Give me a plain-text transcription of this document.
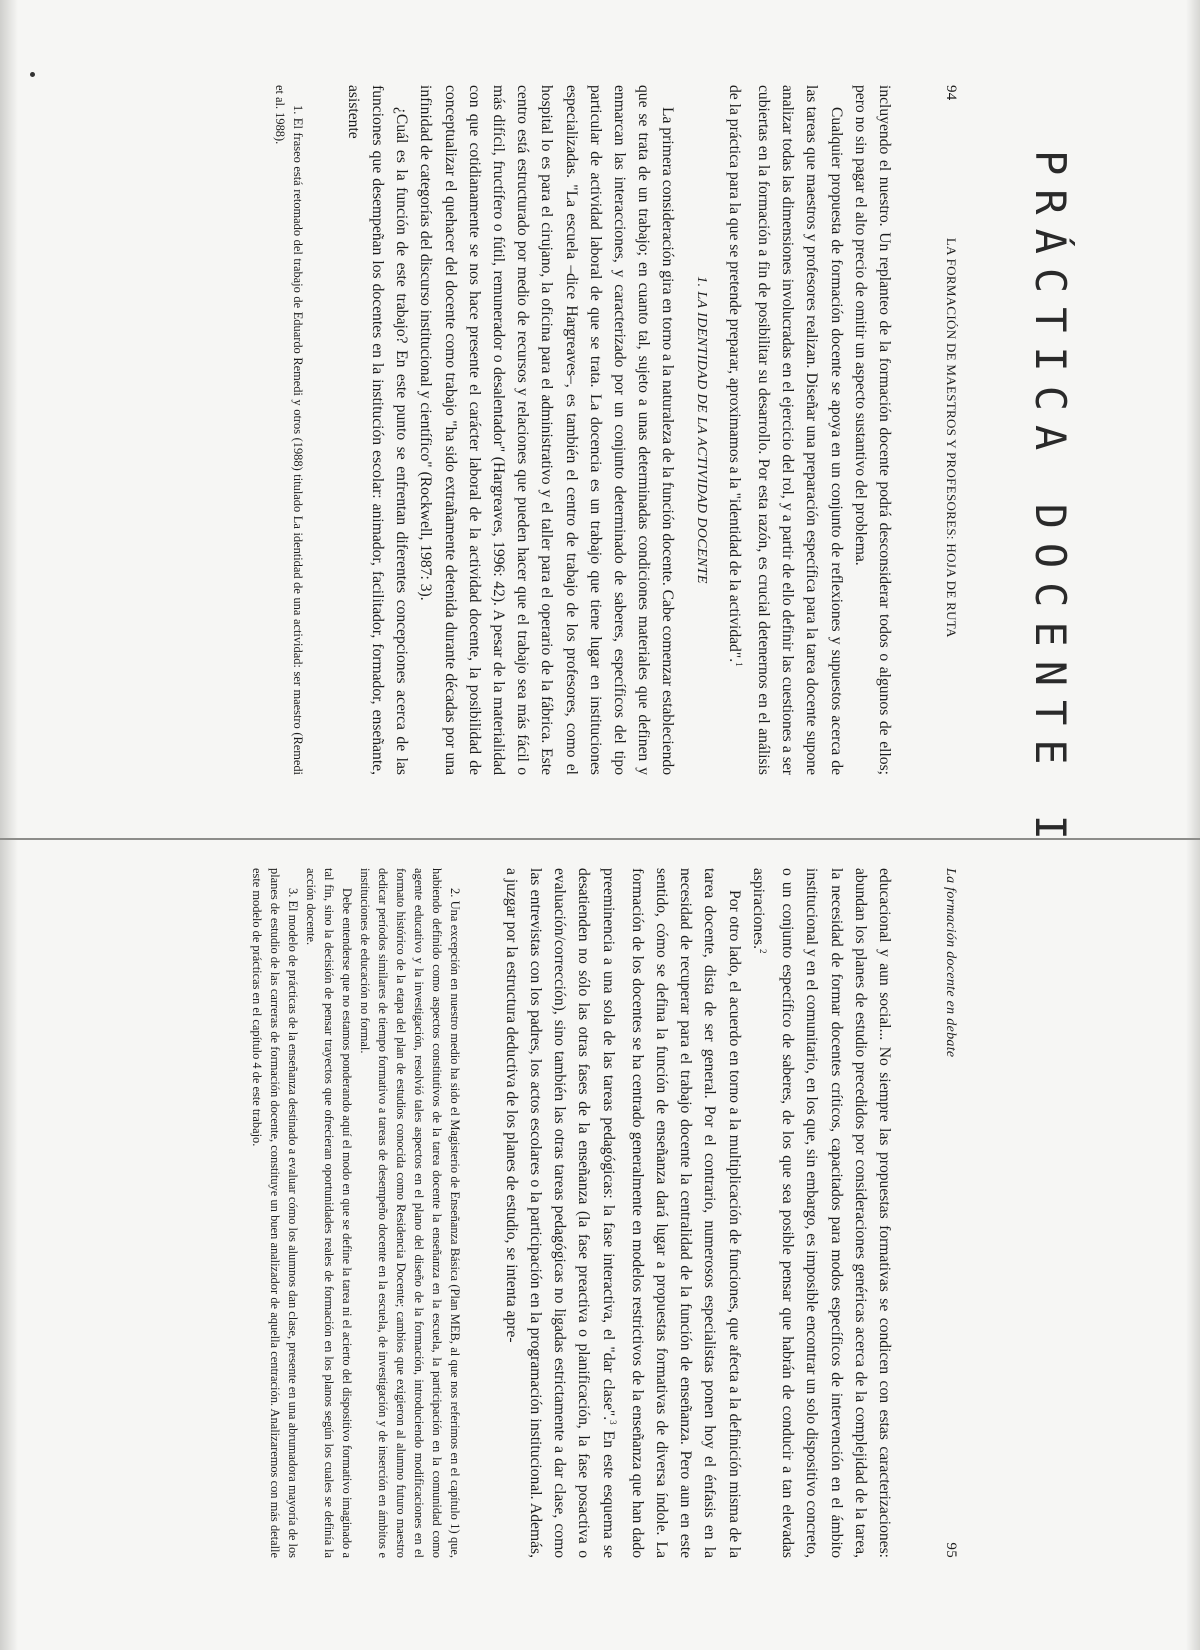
PRÁCTICA DOCENTEI
94
LA FORMACIÓN DE MAESTROS Y PROFESORES: HOJA DE RUTA

incluyendo el nuestro. Un replanteo de la formación docente podrá desconsiderar todos o algunos de ellos; pero no sin pagar el alto precio de omitir un aspecto sustantivo del problema.

Cualquier propuesta de formación docente se apoya en un conjunto de reflexiones y supuestos acerca de las tareas que maestros y profesores realizan. Diseñar una preparación específica para la tarea docente supone analizar todas las dimensiones involucradas en el ejercicio del rol, y a partir de ello definir las cuestiones a ser cubiertas en la formación a fin de posibilitar su desarrollo. Por esta razón, es crucial detenernos en el análisis de la práctica para la que se pretende preparar, aproximamos a la "identidad de la actividad".$^1$

1. LA IDENTIDAD DE LA ACTIVIDAD DOCENTE

La primera consideración gira en torno a la naturaleza de la función docente. Cabe comenzar estableciendo que se trata de un trabajo; en cuanto tal, sujeto a unas determinadas condiciones materiales que definen y enmarcan las interacciones, y caracterizado por un conjunto determinado de saberes, específicos del tipo particular de actividad laboral de que se trata. La docencia es un trabajo que tiene lugar en instituciones especializadas. "La escuela –dice Hargreaves–, es también el centro de trabajo de los profesores, como el hospital lo es para el cirujano, la oficina para el administrativo y el taller para el operario de la fábrica. Este centro está estructurado por medio de recursos y relaciones que pueden hacer que el trabajo sea más fácil o más difícil, fructífero o fútil, remunerador o desalentador" (Hargreaves, 1996: 42). A pesar de la materialidad con que cotidianamente se nos hace presente el carácter laboral de la actividad docente, la posibilidad de conceptualizar el quehacer del docente como trabajo "ha sido extrañamente detenida durante décadas por una infinidad de categorías del discurso institucional y científico" (Rockwell, 1987: 3).

¿Cuál es la función de este trabajo? En este punto se enfrentan diferentes concepciones acerca de las funciones que desempeñan los docentes en la institución escolar: animador, facilitador, formador, enseñante, asistente

1. El fraseo está retomado del trabajo de Eduardo Remedi y otros (1988) titulado La identidad de una actividad: ser maestro (Remedi et al. 1988).

La formación docente en debate
95

educacional y aun social... No siempre las propuestas formativas se condicen con estas caracterizaciones: abundan los planes de estudio precedidos por consideraciones genéricas acerca de la complejidad de la tarea, la necesidad de formar docentes críticos, capacitados para modos específicos de intervención en el ámbito institucional y en el comunitario, en los que, sin embargo, es imposible encontrar un solo dispositivo concreto, o un conjunto específico de saberes, de los que sea posible pensar que habrán de conducir a tan elevadas aspiraciones.$^2$

Por otro lado, el acuerdo en torno a la multiplicación de funciones, que afecta a la definición misma de la tarea docente, dista de ser general. Por el contrario, numerosos especialistas ponen hoy el énfasis en la necesidad de recuperar para el trabajo docente la centralidad de la función de enseñanza. Pero aun en este sentido, cómo se defina la función de enseñanza dará lugar a propuestas formativas de diversa índole. La formación de los docentes se ha centrado generalmente en modelos restrictivos de la enseñanza que han dado preeminencia a una sola de las tareas pedagógicas: la fase interactiva, el "dar clase".$^3$ En este esquema se desatienden no sólo las otras fases de la enseñanza (la fase preactiva o planificación, la fase posactiva o evaluación/corrección), sino también las otras tareas pedagógicas no ligadas estrictamente a dar clase, como las entrevistas con los padres, los actos escolares o la participación en la programación institucional. Además, a juzgar por la estructura deductiva de los planes de estudio, se intenta apre-

2. Una excepción en nuestro medio ha sido el Magisterio de Enseñanza Básica (Plan MEB, al que nos referimos en el capítulo 1) que, habiendo definido como aspectos constitutivos de la tarea docente la enseñanza en la escuela, la participación en la comunidad como agente educativo y la investigación, resolvió tales aspectos en el plano del diseño de la formación, introduciendo modificaciones en el formato histórico de la etapa del plan de estudios conocida como Residencia Docente; cambios que exigieron al alumno futuro maestro dedicar períodos similares de tiempo formativo a tareas de desempeño docente en la escuela, de investigación y de inserción en ámbitos e instituciones de educación no formal.

Debe entenderse que no estamos ponderando aquí el modo en que se define la tarea ni el acierto del dispositivo formativo imaginado a tal fin, sino la decisión de pensar trayectos que ofrecieran oportunidades reales de formación en los planos según los cuales se definía la acción docente.

3. El modelo de prácticas de la enseñanza destinado a evaluar cómo los alumnos dan clase, presente en una abrumadora mayoría de los planes de estudio de las carreras de formación docente, constituye un buen analizador de aquella centración. Analizaremos con más detalle este modelo de prácticas en el capítulo 4 de este trabajo.
